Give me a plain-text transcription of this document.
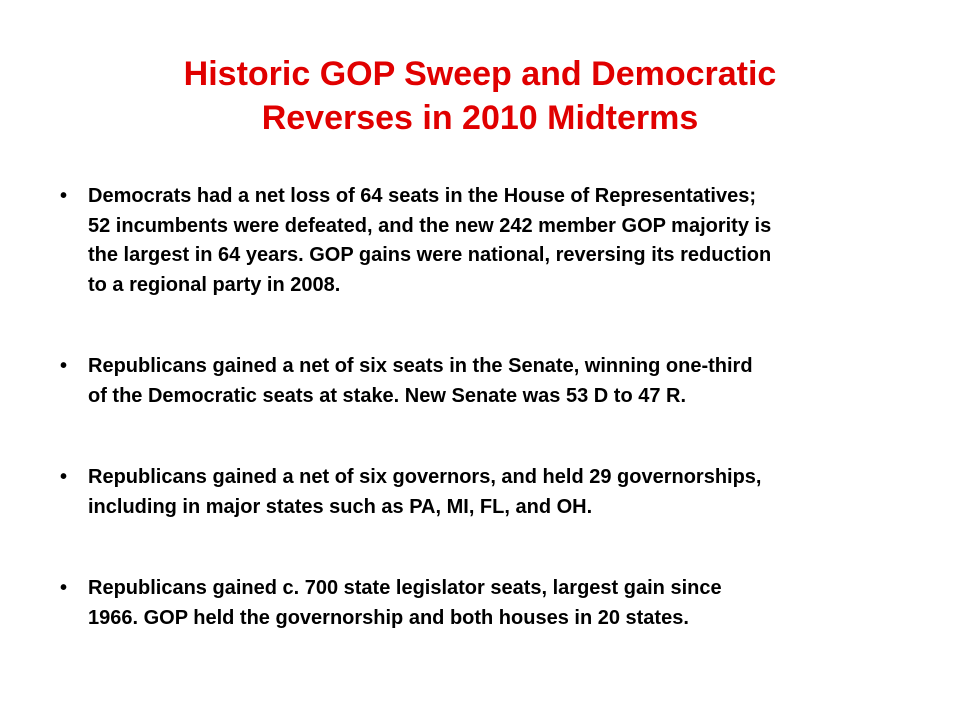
Historic GOP Sweep and Democratic
Reverses in 2010 Midterms
• Democrats had a net loss of 64 seats in the House of Representatives;
52 incumbents were defeated, and the new 242 member GOP majority is
the largest in 64 years. GOP gains were national, reversing its reduction
to a regional party in 2008.
• Republicans gained a net of six seats in the Senate, winning one-third
of the Democratic seats at stake. New Senate was 53 D to 47 R.
• Republicans gained a net of six governors, and held 29 governorships,
including in major states such as PA, MI, FL, and OH.
• Republicans gained c. 700 state legislator seats, largest gain since
1966. GOP held the governorship and both houses in 20 states.
